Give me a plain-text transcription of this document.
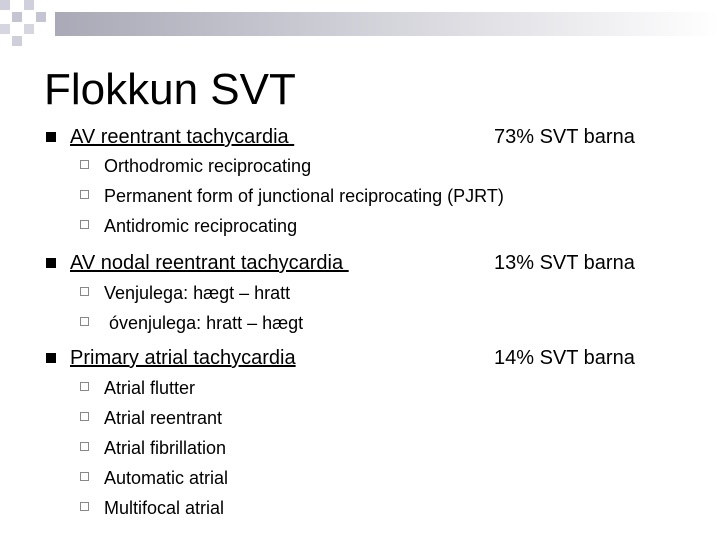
Flokkun SVT
AV reentrant tachycardia	73% SVT barna
Orthodromic reciprocating
Permanent form of junctional reciprocating (PJRT)
Antidromic reciprocating
AV nodal reentrant tachycardia	13% SVT barna
Venjulega: hægt – hratt
óvenjulega: hratt – hægt
Primary atrial tachycardia	14% SVT barna
Atrial flutter
Atrial reentrant
Atrial fibrillation
Automatic atrial
Multifocal atrial
